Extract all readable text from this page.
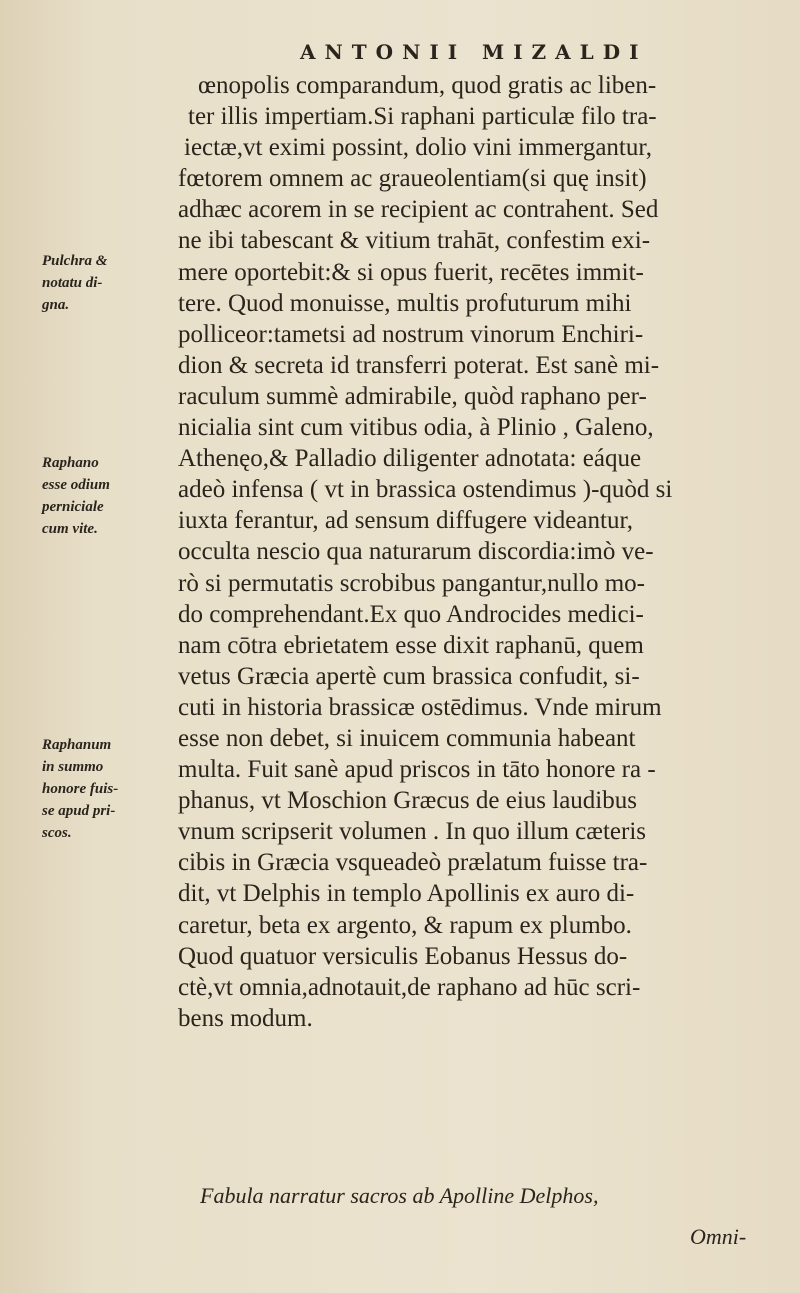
ANTONII MIZALDI
Pulchra &
notatu di-
gna.
Raphano
esse odium
perniciale
cum vite.
Raphanum
in summo
honore fuis-
se apud pri-
scos.
œnopolis comparandum, quod gratis ac liben-
ter illis impertiam.Si raphani particulæ filo tra-
iectæ,vt eximi possint, dolio vini immergantur,
fœtorem omnem ac graueolentiam(si quę insit)
adhæc acorem in se recipient ac contrahent. Sed
ne ibi tabescant & vitium trahāt, confestim exi-
mere oportebit:& si opus fuerit, recētes immit-
tere. Quod monuisse, multis profuturum mihi
polliceor:tametsi ad nostrum vinorum Enchiri-
dion & secreta id transferri poterat. Est sanè mi-
raculum summè admirabile, quòd raphano per-
nicialia sint cum vitibus odia, à Plinio , Galeno,
Athenęo,& Palladio diligenter adnotata: eáque
adeò infensa ( vt in brassica ostendimus )-quòd si
iuxta ferantur, ad sensum diffugere videantur,
occulta nescio qua naturarum discordia:imò ve-
rò si permutatis scrobibus pangantur,nullo mo-
do comprehendant.Ex quo Androcides medici-
nam cōtra ebrietatem esse dixit raphanū, quem
vetus Græcia apertè cum brassica confudit, si-
cuti in historia brassicæ ostēdimus. Vnde mirum
esse non debet, si inuicem communia habeant
multa. Fuit sanè apud priscos in tāto honore ra -
phanus, vt Moschion Græcus de eius laudibus
vnum scripserit volumen . In quo illum cæteris
cibis in Græcia vsqueadeò prælatum fuisse tra-
dit, vt Delphis in templo Apollinis ex auro di-
caretur, beta ex argento, & rapum ex plumbo.
Quod quatuor versiculis Eobanus Hessus do-
ctè,vt omnia,adnotauit,de raphano ad hūc scri-
bens modum.
Fabula narratur sacros ab Apolline Delphos,
Omni-
